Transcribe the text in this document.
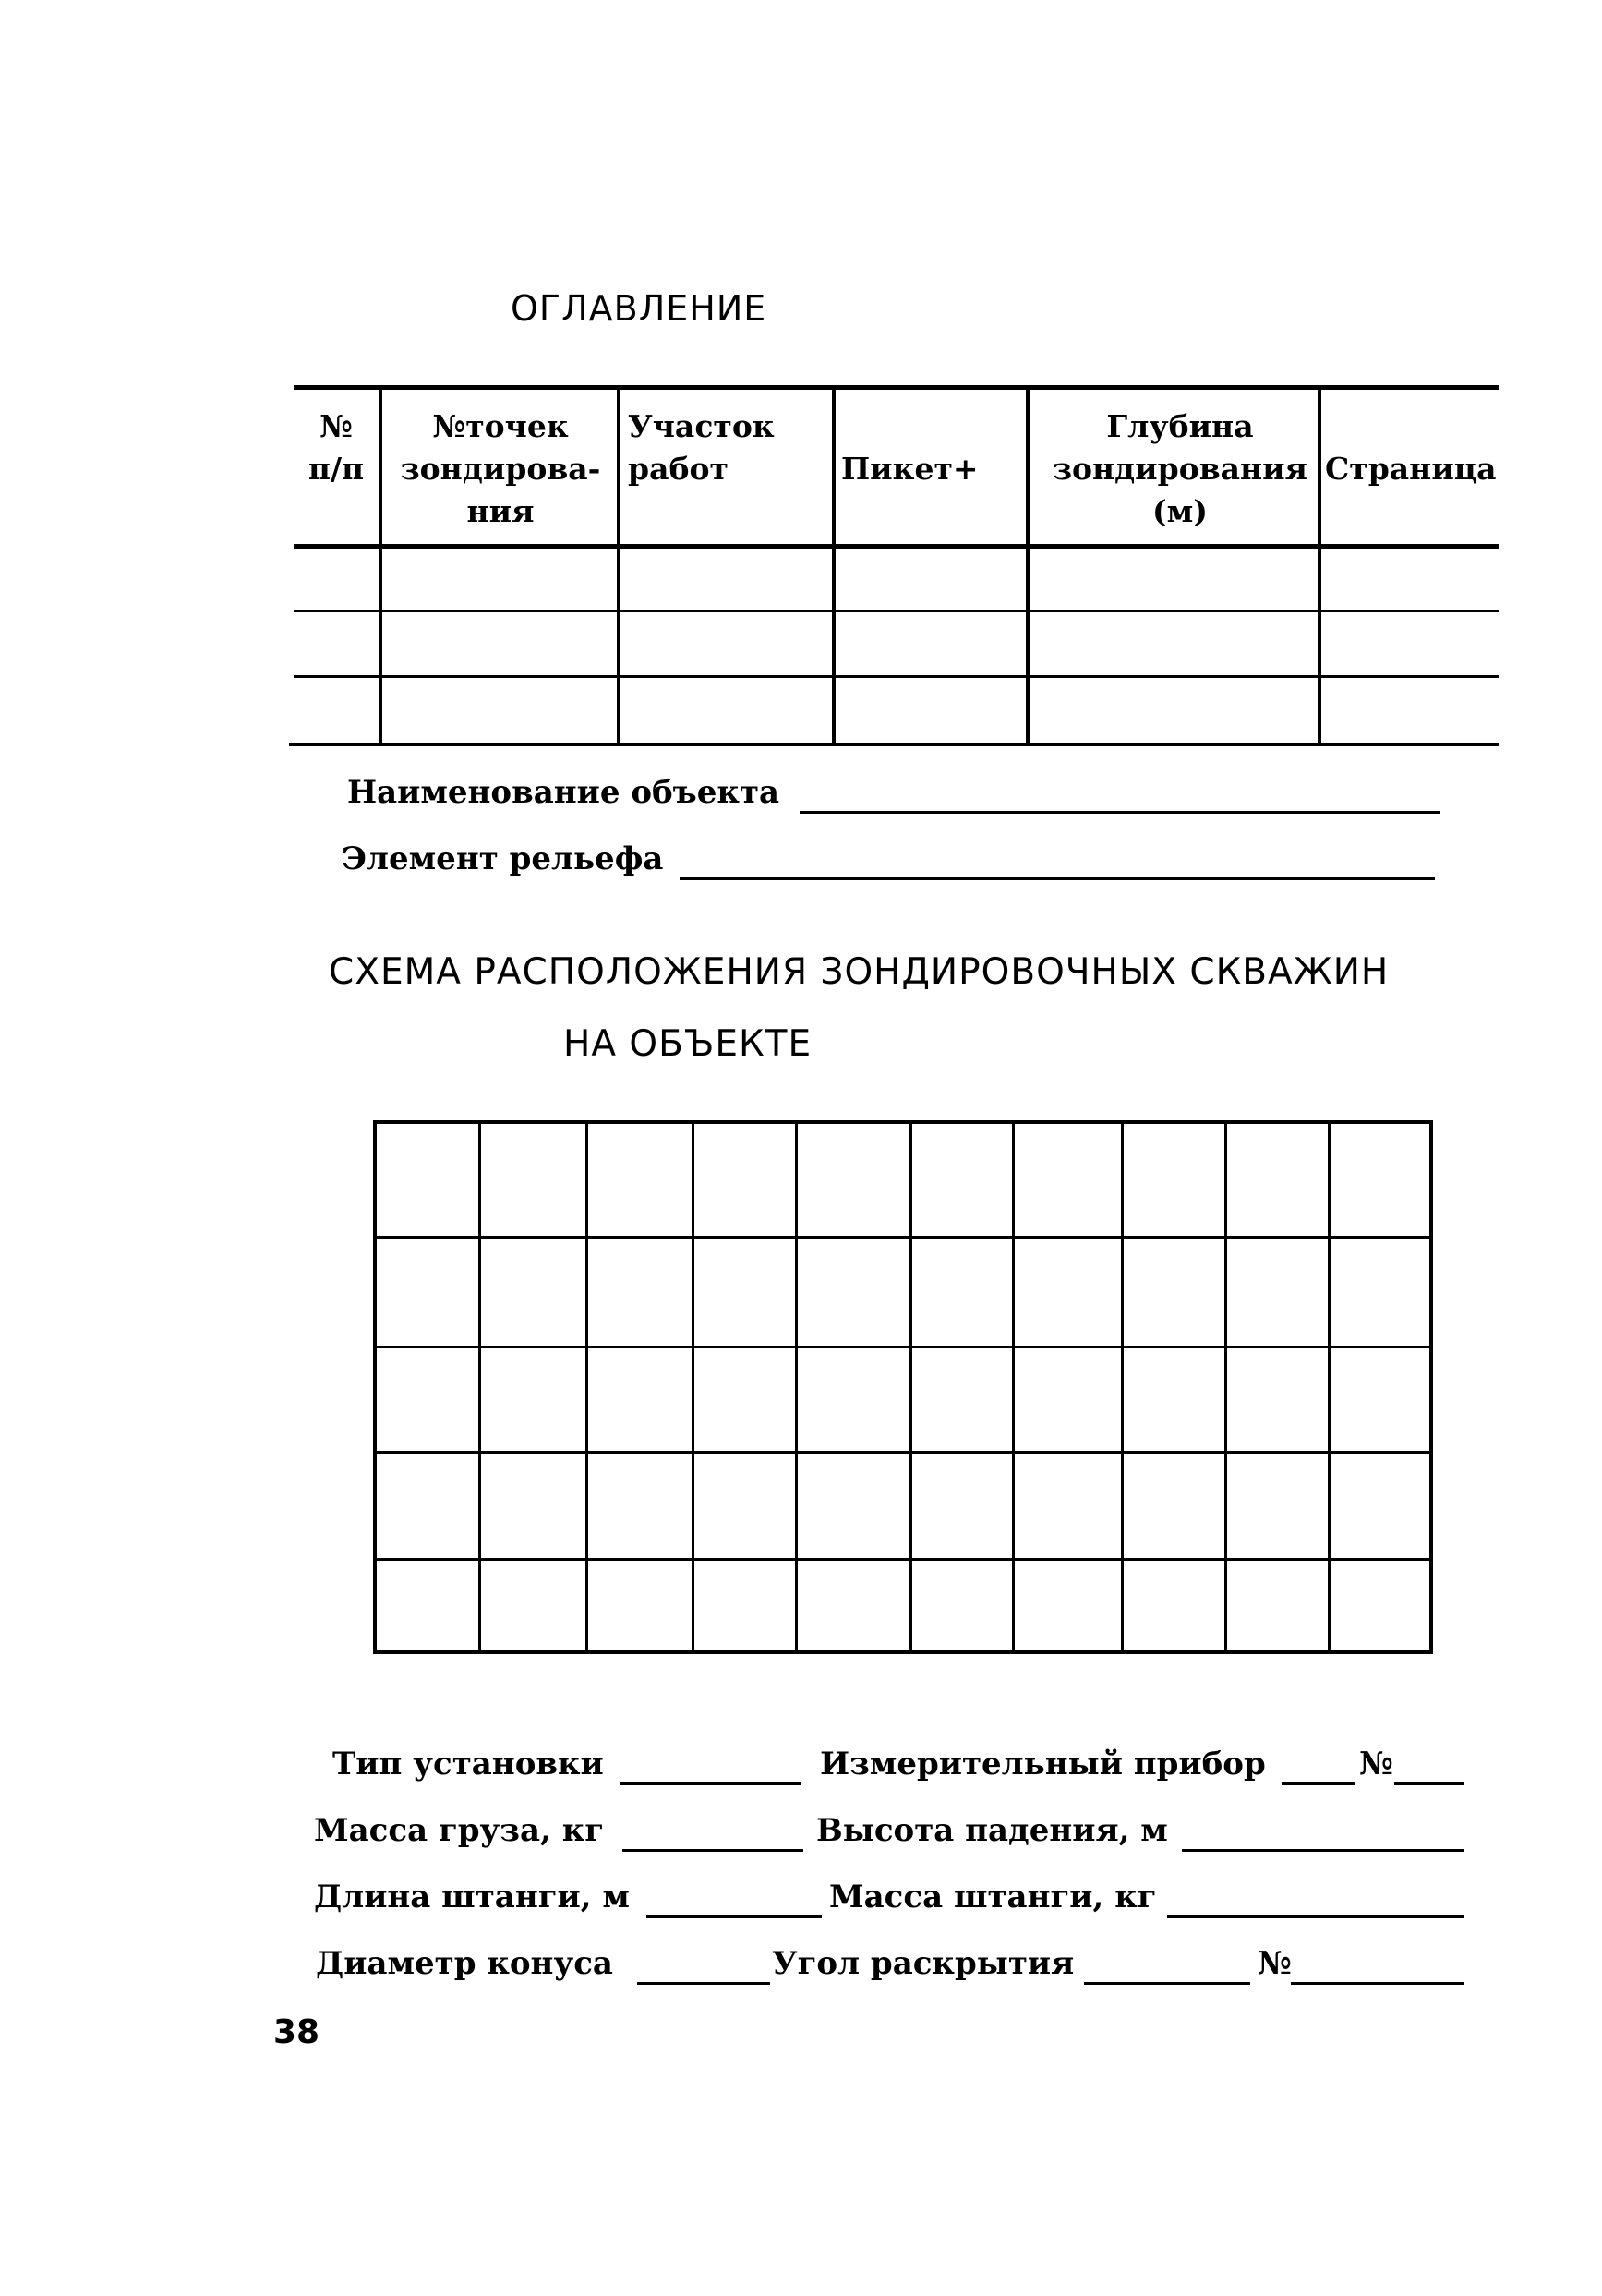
ОГЛАВЛЕНИЕ
№
п/п
№точек
зондирова-
ния
Участок
работ	Пикет+
Глубина
зондирования
(м)
Страница
Наименование объекта
Элемент рельефа
СХЕМА РАСПОЛОЖЕНИЯ ЗОНДИРОВОЧНЫХ СКВАЖИН
НА ОБЪЕКТЕ
Тип установки	Измерительный прибор	№
Масса груза, кг	Высота падения, м
Длина штанги, м	Масса штанги, кг
Диаметр конуса	Угол раскрытия	№
38
